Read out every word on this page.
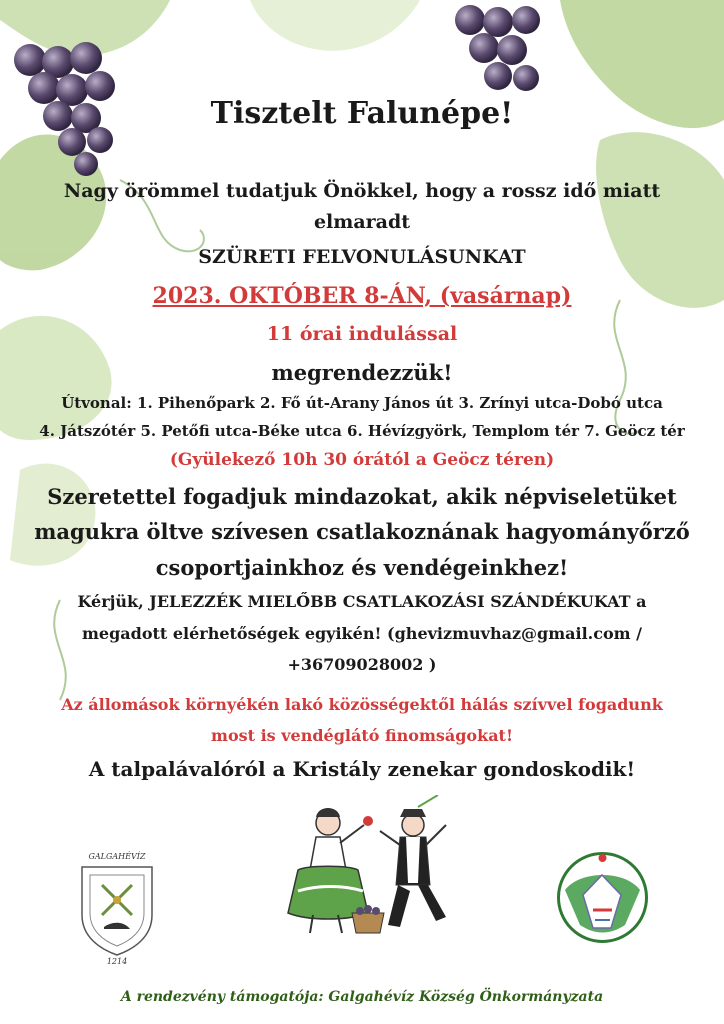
Tisztelt Falunépe!
Nagy örömmel tudatjuk Önökkel, hogy a rossz idő miatt
elmaradt
SZÜRETI FELVONULÁSUNKAT
2023. OKTÓBER 8-ÁN, (vasárnap)
11 órai indulással
megrendezzük!
Útvonal: 1. Pihenőpark 2. Fő út-Arany János út 3. Zrínyi utca-Dobó utca
4. Játszótér 5. Petőfi utca-Béke utca 6. Hévízgyörk, Templom tér 7. Geöcz tér
(Gyülekező 10h 30 órától a Geöcz téren)
Szeretettel fogadjuk mindazokat, akik népviseletüket
magukra öltve szívesen csatlakoznának hagyományőrző
csoportjainkhoz és vendégeinkhez!
Kérjük, JELEZZÉK MIELŐBB CSATLAKOZÁSI SZÁNDÉKUKAT a
megadott elérhetőségek egyikén! (ghevizmuvhaz@gmail.com /
+36709028002 )
Az állomások környékén lakó közösségektől hálás szívvel fogadunk
most is vendéglátó finomságokat!
A talpalávalóról a Kristály zenekar gondoskodik!
GALGAHÉVÍZ
1214
A rendezvény támogatója: Galgahévíz Község Önkormányzata
